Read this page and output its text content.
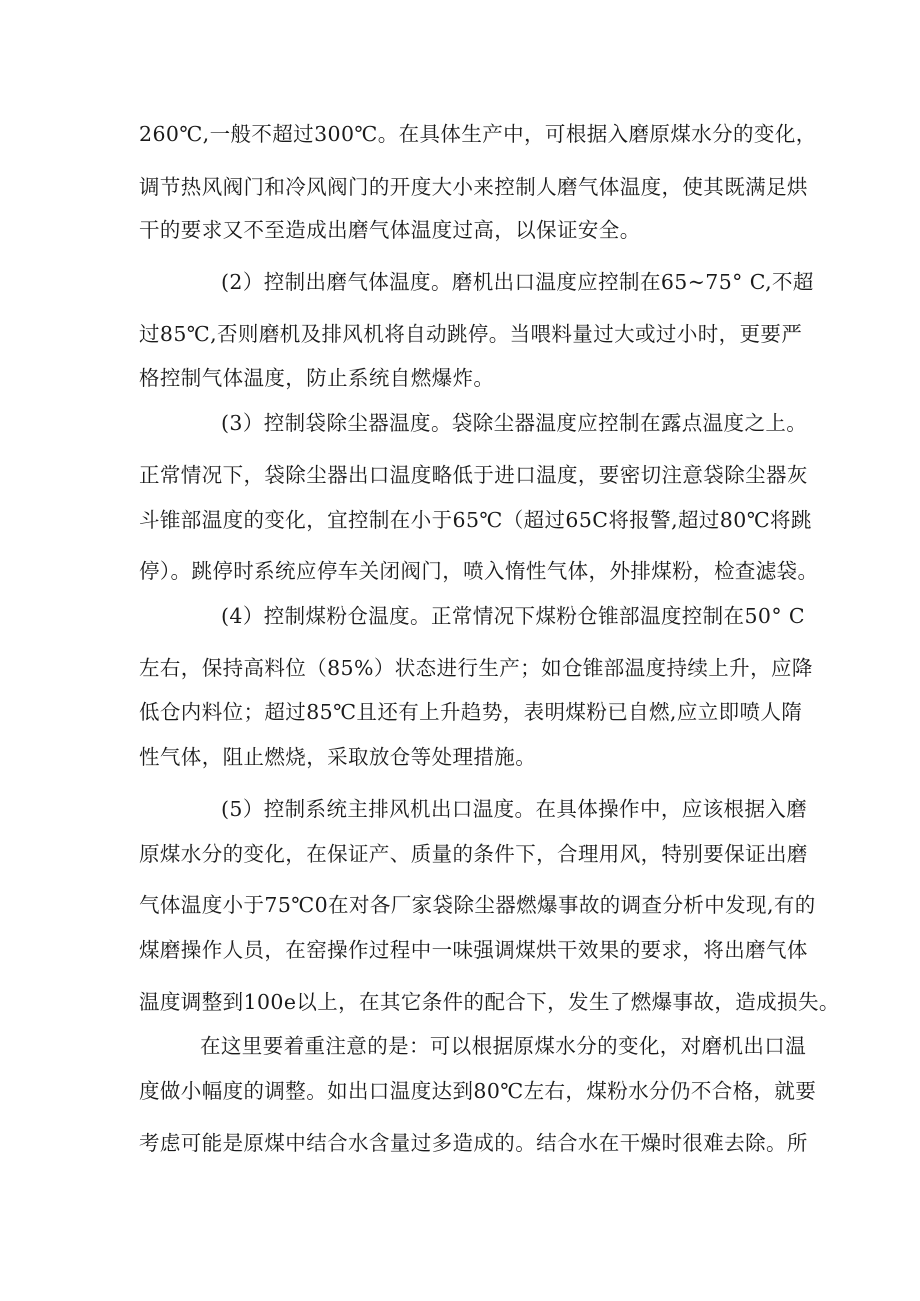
260℃,一般不超过300℃。在具体生产中，可根据入磨原煤水分的变化，
调节热风阀门和冷风阀门的开度大小来控制人磨气体温度，使其既满足烘
干的要求又不至造成出磨气体温度过高，以保证安全。
(2）控制出磨气体温度。磨机出口温度应控制在65~75° C,不超
过85℃,否则磨机及排风机将自动跳停。当喂料量过大或过小时，更要严
格控制气体温度，防止系统自燃爆炸。
(3）控制袋除尘器温度。袋除尘器温度应控制在露点温度之上。
正常情况下，袋除尘器出口温度略低于进口温度，要密切注意袋除尘器灰
斗锥部温度的变化，宜控制在小于65℃（超过65C将报警,超过80℃将跳
停）。跳停时系统应停车关闭阀门，喷入惰性气体，外排煤粉，检查滤袋。
(4）控制煤粉仓温度。正常情况下煤粉仓锥部温度控制在50° C
左右，保持高料位（85%）状态进行生产；如仓锥部温度持续上升，应降
低仓内料位；超过85℃且还有上升趋势，表明煤粉已自燃,应立即喷人隋
性气体，阻止燃烧，采取放仓等处理措施。
(5）控制系统主排风机出口温度。在具体操作中，应该根据入磨
原煤水分的变化，在保证产、质量的条件下，合理用风，特别要保证出磨
气体温度小于75℃0在对各厂家袋除尘器燃爆事故的调查分析中发现,有的
煤磨操作人员，在窑操作过程中一味强调煤烘干效果的要求，将出磨气体
温度调整到100e以上，在其它条件的配合下，发生了燃爆事故，造成损失。
在这里要着重注意的是：可以根据原煤水分的变化，对磨机出口温
度做小幅度的调整。如出口温度达到80℃左右，煤粉水分仍不合格，就要
考虑可能是原煤中结合水含量过多造成的。结合水在干燥时很难去除。所
